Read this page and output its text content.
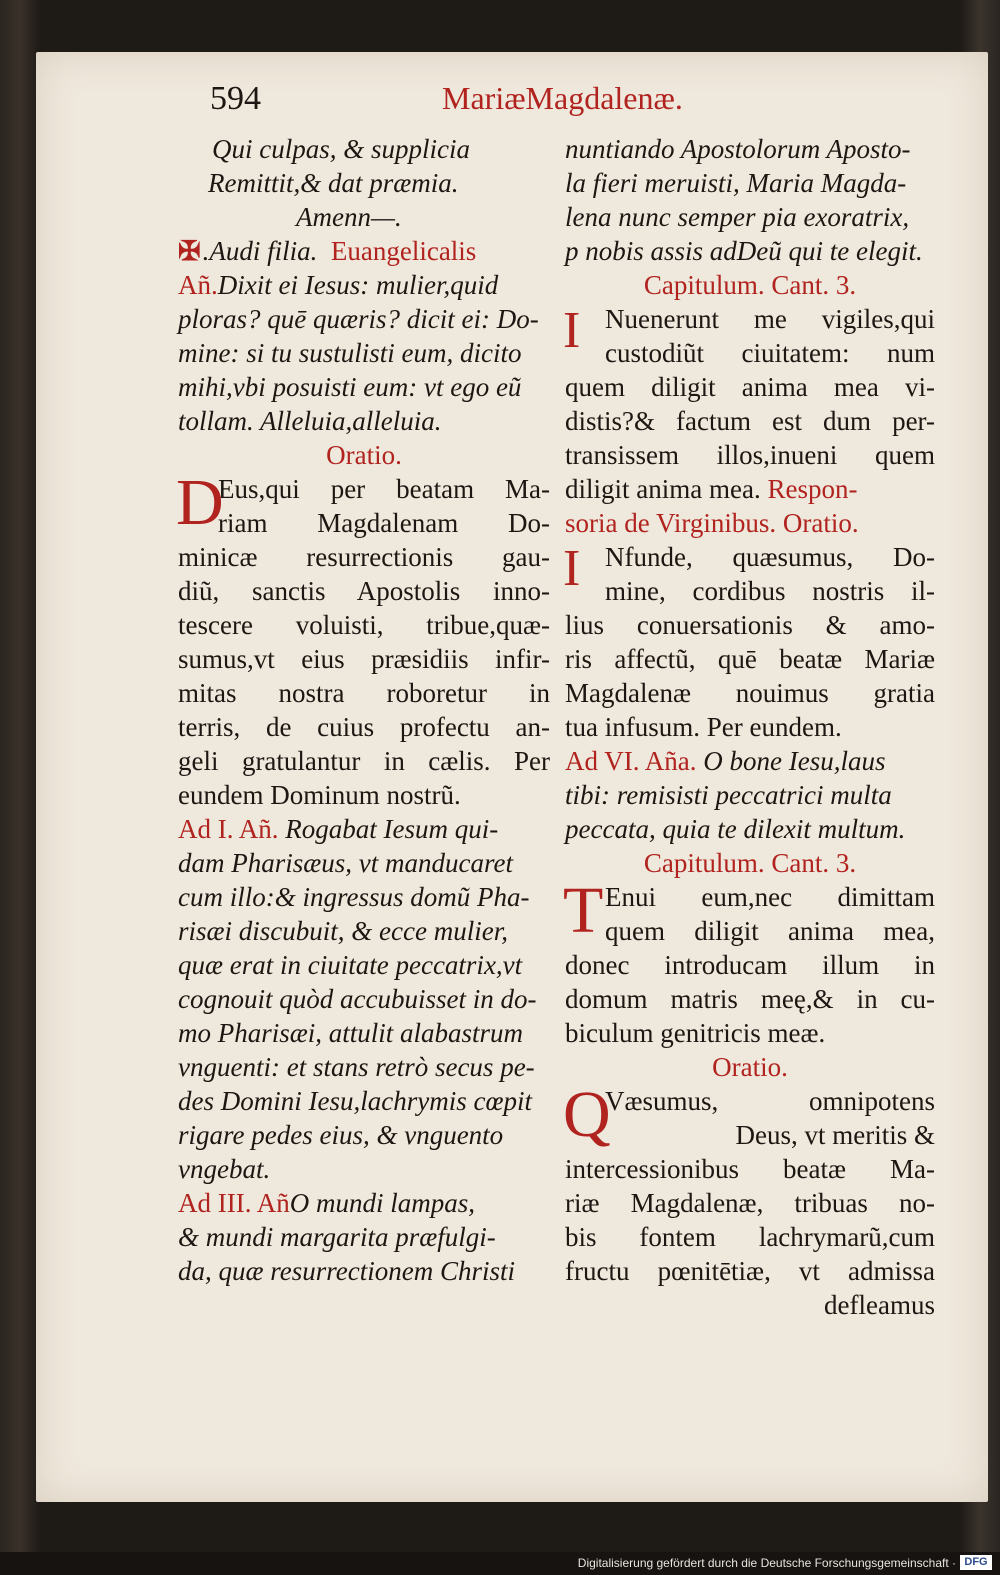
594	MariæMagdalenæ.
Qui culpas, & supplicia
Remittit,& dat præmia.
Amenn—.
✠.Audi filia. Euangelicalis
Añ.Dixit ei Iesus: mulier,quid
ploras? quē quæris? dicit ei: Do-
mine: si tu sustulisti eum, dicito
mihi,vbi posuisti eum: vt ego eũ
tollam. Alleluia,alleluia.
Oratio.
D
Eus,qui per beatam Ma-
riam Magdalenam Do-
minicæ resurrectionis gau-
diũ, sanctis Apostolis inno-
tescere voluisti, tribue,quæ-
sumus,vt eius præsidiis infir-
mitas nostra roboretur in
terris, de cuius profectu an-
geli gratulantur in cælis. Per
eundem Dominum nostrũ.
Ad I. Añ. Rogabat Iesum qui-
dam Pharisæus, vt manducaret
cum illo:& ingressus domũ Pha-
risæi discubuit, & ecce mulier,
quæ erat in ciuitate peccatrix,vt
cognouit quòd accubuisset in do-
mo Pharisæi, attulit alabastrum
vnguenti: et stans retrò secus pe-
des Domini Iesu,lachrymis cœpit
rigare pedes eius, & vnguento
vngebat.
Ad III. AñO mundi lampas,
& mundi margarita præfulgi-
da, quæ resurrectionem Christi
nuntiando Apostolorum Aposto-
la fieri meruisti, Maria Magda-
lena nunc semper pia exoratrix,
p nobis assis adDeũ qui te elegit.
Capitulum. Cant. 3.
I Nuenerunt me vigiles,qui
custodiũt ciuitatem: num
quem diligit anima mea vi-
distis?& factum est dum per-
transissem illos,inueni quem
diligit anima mea. Respon-
soria de Virginibus. Oratio.
I Nfunde, quæsumus, Do-
mine, cordibus nostris il-
lius conuersationis & amo-
ris affectũ, quē beatæ Mariæ
Magdalenæ nouimus gratia
tua infusum. Per eundem.
Ad VI. Aña. O bone Iesu,laus
tibi: remisisti peccatrici multa
peccata, quia te dilexit multum.
Capitulum. Cant. 3.
T Enui eum,nec dimittam
quem diligit anima mea,
donec introducam illum in
domum matris meę,& in cu-
biculum genitricis meæ.
Oratio.
Q
Væsumus, omnipotens
Deus, vt meritis &
intercessionibus beatæ Ma-
riæ Magdalenæ, tribuas no-
bis fontem lachrymarũ,cum
fructu pœnitētiæ, vt admissa
defleamus
Digitalisierung gefördert durch die Deutsche Forschungsgemeinschaft · DFG
